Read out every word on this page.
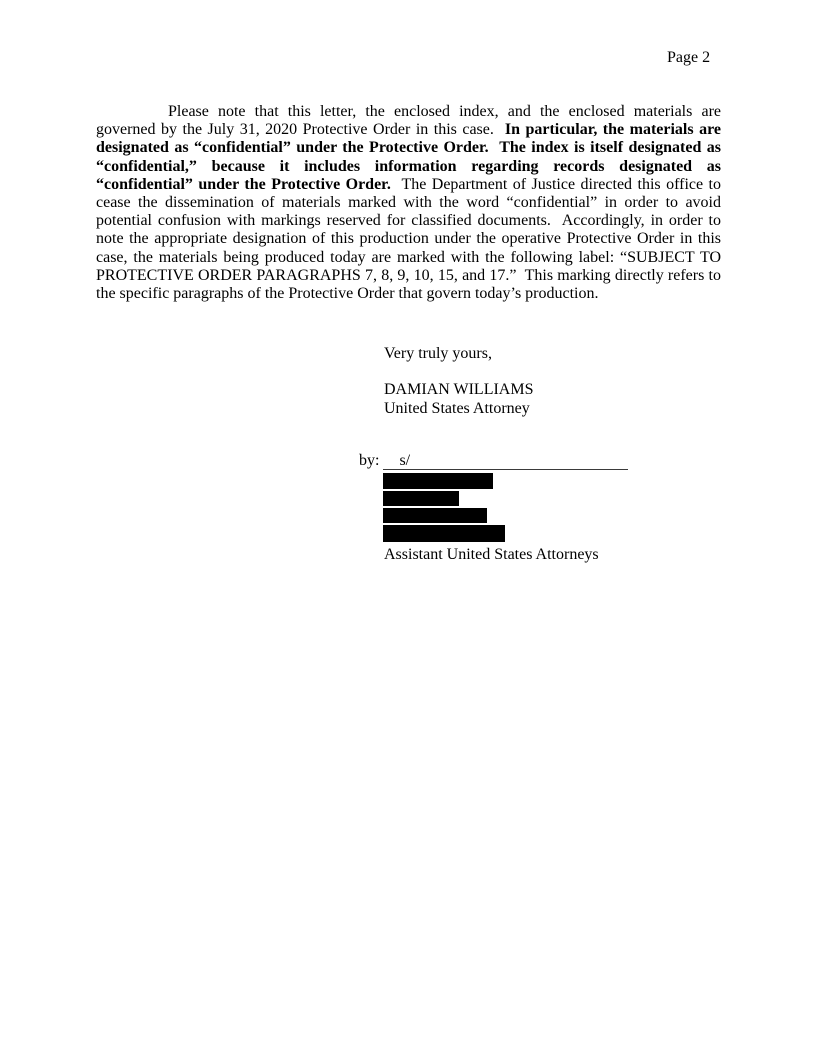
Page 2

Please note that this letter, the enclosed index, and the enclosed materials are governed by the July 31, 2020 Protective Order in this case.  In particular, the materials are designated as “confidential” under the Protective Order.  The index is itself designated as “confidential,” because it includes information regarding records designated as “confidential” under the Protective Order.  The Department of Justice directed this office to cease the dissemination of materials marked with the word “confidential” in order to avoid potential confusion with markings reserved for classified documents.  Accordingly, in order to note the appropriate designation of this production under the operative Protective Order in this case, the materials being produced today are marked with the following label: “SUBJECT TO PROTECTIVE ORDER PARAGRAPHS 7, 8, 9, 10, 15, and 17.”  This marking directly refers to the specific paragraphs of the Protective Order that govern today’s production.

Very truly yours,
DAMIAN WILLIAMS
United States Attorney
by: s/
Assistant United States Attorneys
